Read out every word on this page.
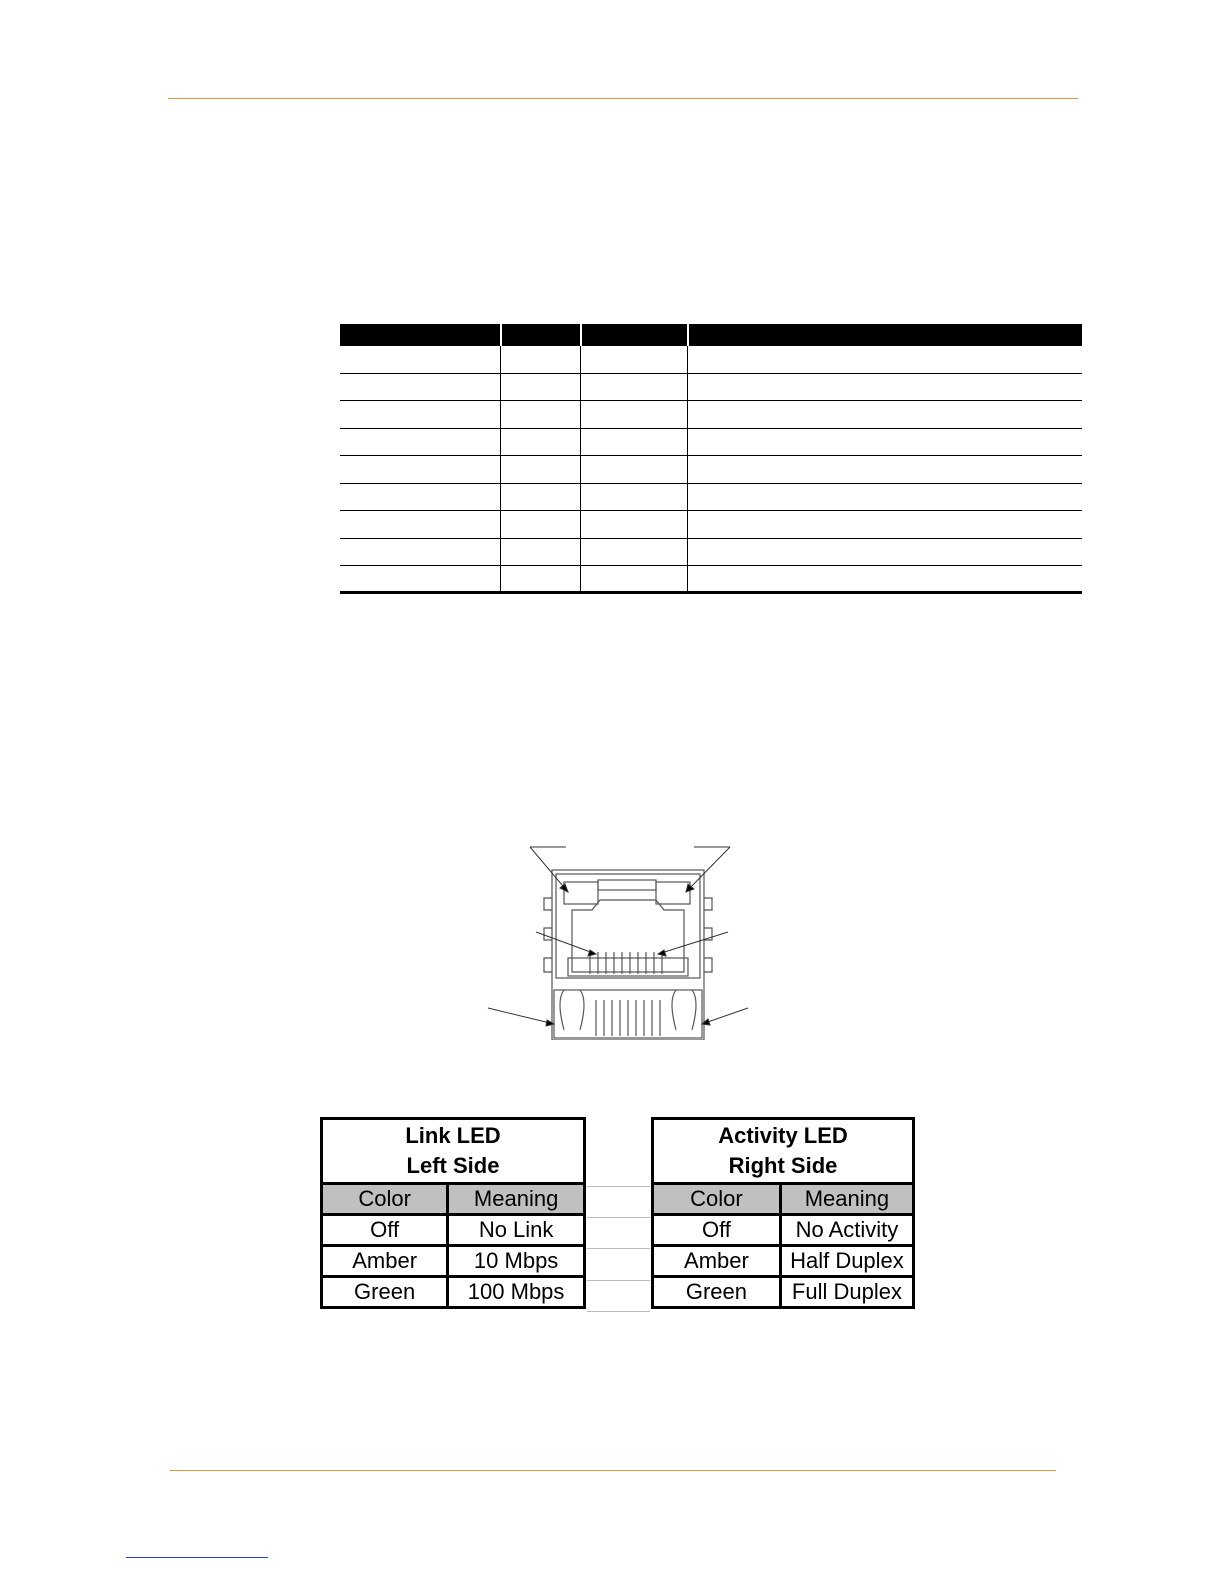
Link LED
Left Side	
Color	Meaning
Off	No Link
Amber	10 Mbps
Green	100 Mbps
Activity LED
Right Side	
Color	Meaning
Off	No Activity
Amber	Half Duplex
Green	Full Duplex
